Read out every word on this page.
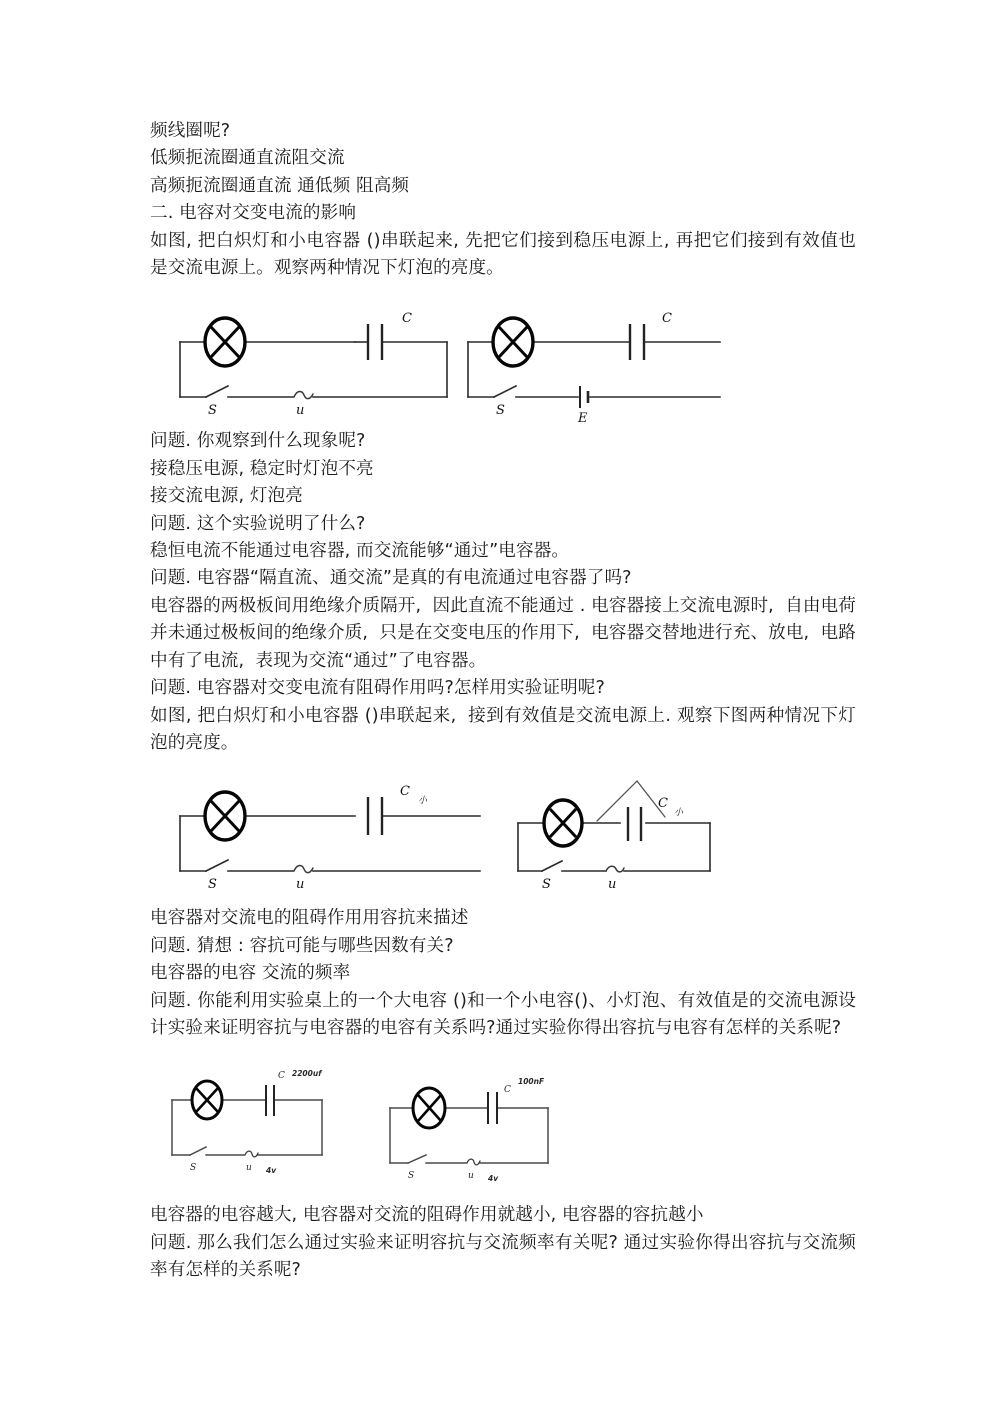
频线圈呢?

低频扼流圈通直流阻交流

高频扼流圈通直流 通低频 阻高频

二. 电容对交变电流的影响

如图, 把白炽灯和小电容器 ()串联起来, 先把它们接到稳压电源上, 再把它们接到有效值也是交流电源上。观察两种情况下灯泡的亮度。

C
S	u
C
S
E

问题. 你观察到什么现象呢?

接稳压电源, 稳定时灯泡不亮

接交流电源, 灯泡亮

问题. 这个实验说明了什么?

稳恒电流不能通过电容器, 而交流能够“通过”电容器。

问题. 电容器“隔直流、通交流”是真的有电流通过电容器了吗?

电容器的两极板间用绝缘介质隔开,  因此直流不能通过 . 电容器接上交流电源时,  自由电荷并未通过极板间的绝缘介质,  只是在交变电压的作用下,  电容器交替地进行充、放电,  电路中有了电流,  表现为交流“通过”了电容器。

问题. 电容器对交变电流有阻碍作用吗?怎样用实验证明呢?

如图, 把白炽灯和小电容器 ()串联起来,  接到有效值是交流电源上. 观察下图两种情况下灯泡的亮度。

C
小
S	u
C
小
S	u

电容器对交流电的阻碍作用用容抗来描述

问题. 猜想 : 容抗可能与哪些因数有关?

电容器的电容 交流的频率

问题. 你能利用实验桌上的一个大电容 ()和一个小电容()、小灯泡、有效值是的交流电源设计实验来证明容抗与电容器的电容有关系吗?通过实验你得出容抗与电容有怎样的关系呢?

C 2200uf
S	u 4v
C
100nF
S	u 4v

电容器的电容越大, 电容器对交流的阻碍作用就越小, 电容器的容抗越小

问题. 那么我们怎么通过实验来证明容抗与交流频率有关呢? 通过实验你得出容抗与交流频率有怎样的关系呢?
